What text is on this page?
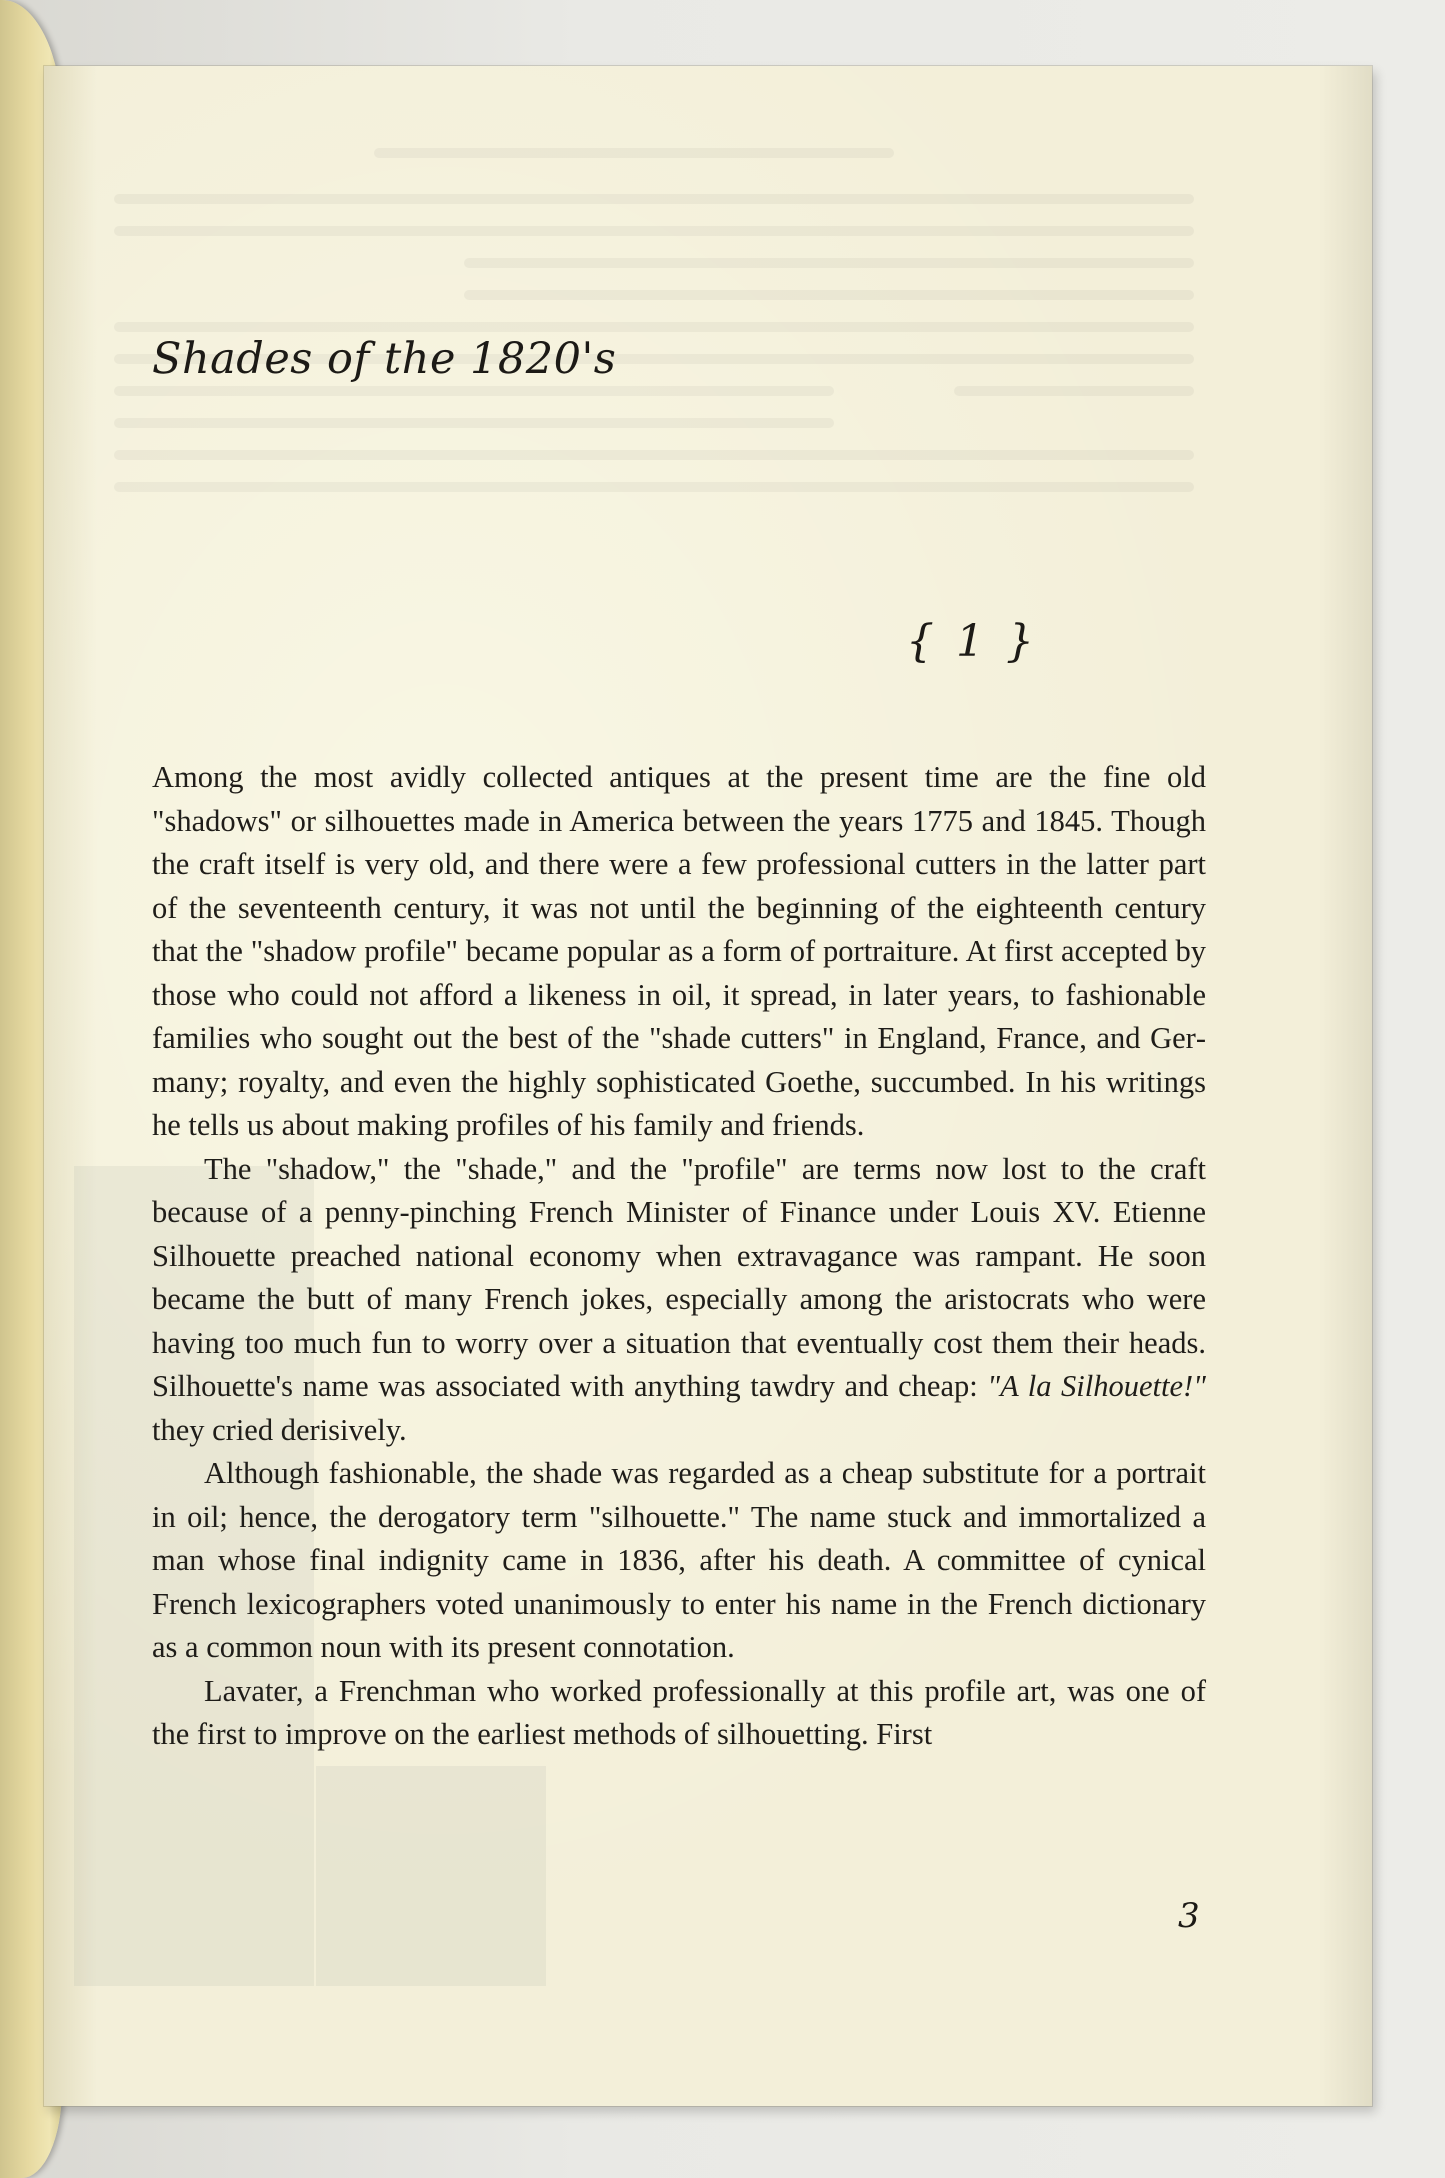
Shades of the 1820's
{ 1 }

Among the most avidly collected antiques at the present time are the fine old "shadows" or silhouettes made in America between the years 1775 and 1845. Though the craft itself is very old, and there were a few professional cutters in the latter part of the seventeenth century, it was not until the beginning of the eighteenth century that the "shadow profile" became popular as a form of portraiture. At first accepted by those who could not afford a likeness in oil, it spread, in later years, to fashionable families who sought out the best of the "shade cutters" in England, France, and Germany; royalty, and even the highly sophisticated Goethe, succumbed. In his writings he tells us about making profiles of his family and friends.

The "shadow," the "shade," and the "profile" are terms now lost to the craft because of a penny-pinching French Minister of Finance under Louis XV. Etienne Silhouette preached national economy when extravagance was rampant. He soon became the butt of many French jokes, especially among the aristocrats who were having too much fun to worry over a situation that eventually cost them their heads. Silhouette's name was associated with anything tawdry and cheap: "A la Silhouette!" they cried derisively.

Although fashionable, the shade was regarded as a cheap substitute for a portrait in oil; hence, the derogatory term "silhouette." The name stuck and immortalized a man whose final indignity came in 1836, after his death. A committee of cynical French lexicographers voted unanimously to enter his name in the French dictionary as a common noun with its present connotation.

Lavater, a Frenchman who worked professionally at this profile art, was one of the first to improve on the earliest methods of silhouetting. First

3
